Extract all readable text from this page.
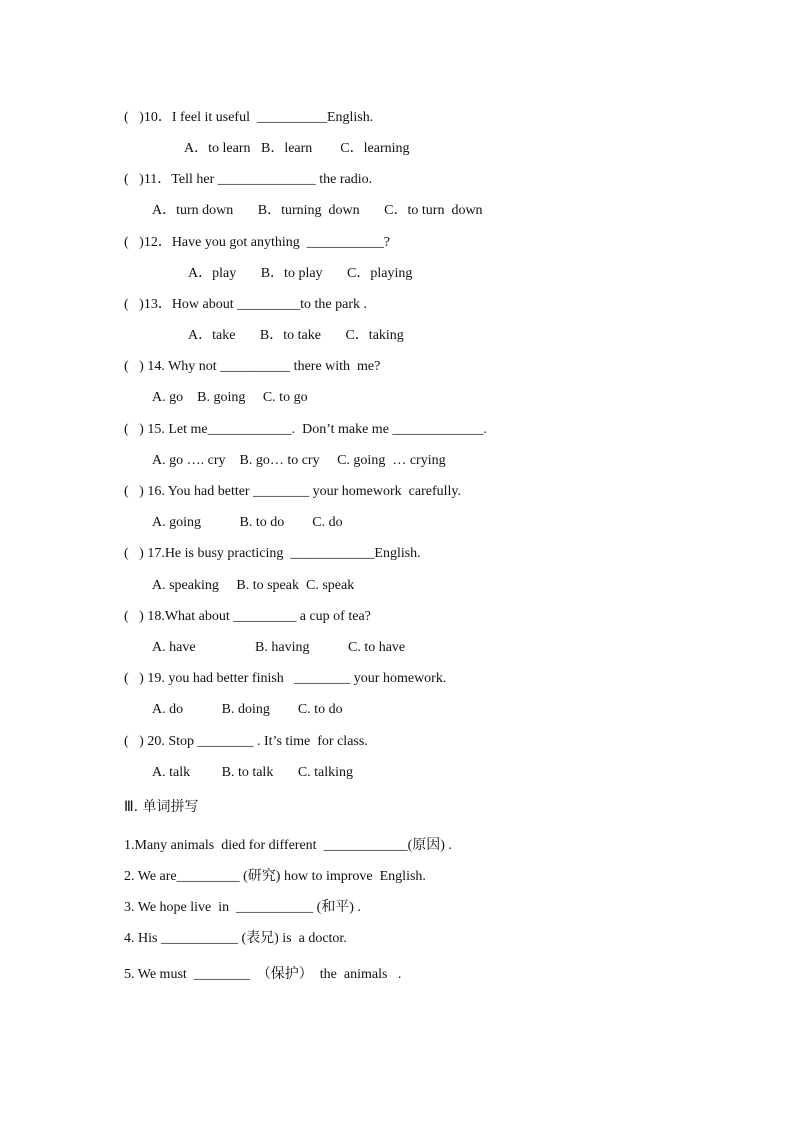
(   )10．I feel it useful  __________English.
A．to learn   B．learn        C．learning
(   )11．Tell her ______________ the radio.
A．turn down       B．turning  down       C．to turn  down
(   )12．Have you got anything  ___________?
A．play       B．to play       C．playing
(   )13．How about _________to the park .
A．take       B．to take       C．taking
(   ) 14. Why not __________ there with  me?
A. go    B. going     C. to go
(   ) 15. Let me____________.  Don’t make me _____________.
A. go …. cry    B. go… to cry     C. going  … crying
(   ) 16. You had better ________ your homework  carefully.
A. going           B. to do        C. do
(   ) 17.He is busy practicing  ____________English.
A. speaking     B. to speak  C. speak
(   ) 18.What about _________ a cup of tea?
A. have                 B. having           C. to have
(   ) 19. you had better finish   ________ your homework.
A. do           B. doing        C. to do
(   ) 20. Stop ________ . It’s time  for class.
A. talk         B. to talk       C. talking
Ⅲ. 单词拼写
1.Many animals  died for different  ____________(原因) .
2. We are_________ (研究) how to improve  English.
3. We hope live  in  ___________ (和平) .
4. His ___________ (表兄) is  a doctor.
5. We must  ________  （保护）  the  animals   .
